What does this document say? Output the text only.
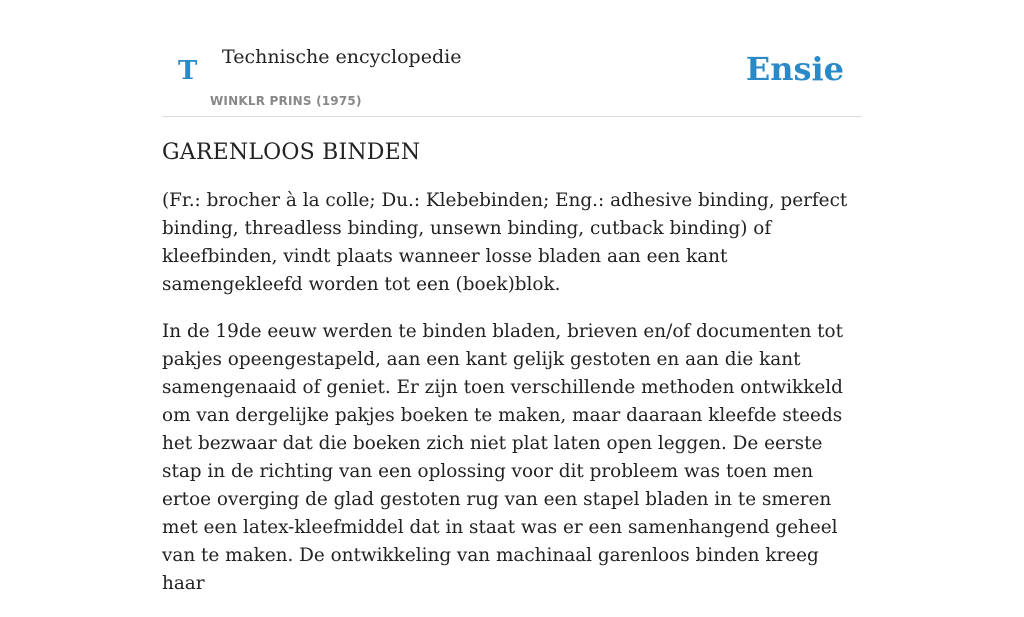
T Technische encyclopedie
WINKLR PRINS (1975)
Ensie
GARENLOOS BINDEN

(Fr.: brocher à la colle; Du.: Klebebinden; Eng.: adhesive binding, perfect binding, threadless binding, unsewn binding, cutback binding) of kleefbinden, vindt plaats wanneer losse bladen aan een kant samengekleefd worden tot een (boek)blok.

In de 19de eeuw werden te binden bladen, brieven en/of documenten tot pakjes opeengestapeld, aan een kant gelijk gestoten en aan die kant samengenaaid of geniet. Er zijn toen verschillende methoden ontwikkeld om van dergelijke pakjes boeken te maken, maar daaraan kleefde steeds het bezwaar dat die boeken zich niet plat laten open leggen. De eerste stap in de richting van een oplossing voor dit probleem was toen men ertoe overging de glad gestoten rug van een stapel bladen in te smeren met een latex-kleefmiddel dat in staat was er een samenhangend geheel van te maken. De ontwikkeling van machinaal garenloos binden kreeg haar
